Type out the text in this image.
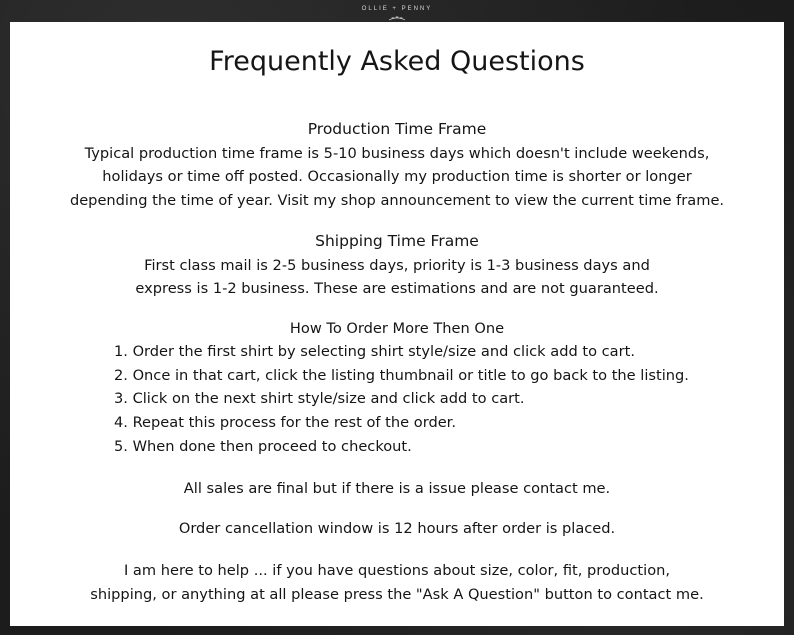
OLLIE + PENNY
Frequently Asked Questions
Production Time Frame

Typical production time frame is 5-10 business days which doesn't include weekends,

holidays or time off posted. Occasionally my production time is shorter or longer

depending the time of year. Visit my shop announcement to view the current time frame.

Shipping Time Frame

First class mail is 2-5 business days, priority is 1-3 business days and

express is 1-2 business. These are estimations and are not guaranteed.

How To Order More Then One
1. Order the first shirt by selecting shirt style/size and click add to cart.
2. Once in that cart, click the listing thumbnail or title to go back to the listing.
3. Click on the next shirt style/size and click add to cart.
4. Repeat this process for the rest of the order.
5. When done then proceed to checkout.

All sales are final but if there is a issue please contact me.

Order cancellation window is 12 hours after order is placed.

I am here to help ... if you have questions about size, color, fit, production,

shipping, or anything at all please press the "Ask A Question" button to contact me.
